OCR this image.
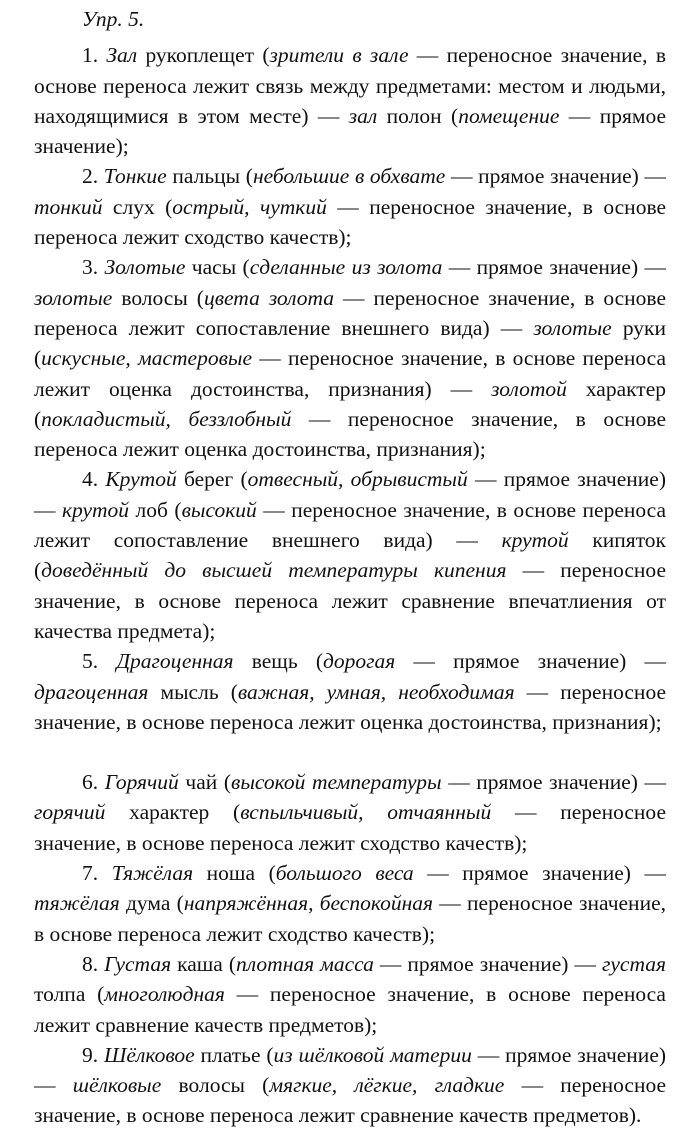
Упр. 5.

1. Зал рукоплещет (зрители в зале — переносное значение, в основе переноса лежит связь между предметами: местом и людьми, находящимися в этом месте) — зал полон (помещение — прямое значение);

2. Тонкие пальцы (небольшие в обхвате — прямое значение) — тонкий слух (острый, чуткий — переносное значение, в основе переноса лежит сходство качеств);

3. Золотые часы (сделанные из золота — прямое значение) — золотые волосы (цвета золота — переносное значение, в основе переноса лежит сопоставление внешнего вида) — золотые руки (искусные, мастеровые — переносное значение, в основе переноса лежит оценка достоинства, признания) — золотой характер (покладистый, беззлобный — переносное значение, в основе переноса лежит оценка достоинства, признания);

4. Крутой берег (отвесный, обрывистый — прямое значение) — крутой лоб (высокий — переносное значение, в основе переноса лежит сопоставление внешнего вида) — крутой кипяток (доведённый до высшей температуры кипения — переносное значение, в основе переноса лежит сравнение впечатлиения от качества предмета);

5. Драгоценная вещь (дорогая — прямое значение) — драгоценная мысль (важная, умная, необходимая — переносное значение, в основе переноса лежит оценка достоинства, признания);

6. Горячий чай (высокой температуры — прямое значение) — горячий характер (вспыльчивый, отчаянный — переносное значение, в основе переноса лежит сходство качеств);

7. Тяжёлая ноша (большого веса — прямое значение) — тяжёлая дума (напряжённая, беспокойная — переносное значение, в основе переноса лежит сходство качеств);

8. Густая каша (плотная масса — прямое значение) — густая толпа (многолюдная — переносное значение, в основе переноса лежит сравнение качеств предметов);

9. Шёлковое платье (из шёлковой материи — прямое значение) — шёлковые волосы (мягкие, лёгкие, гладкие — переносное значение, в основе переноса лежит сравнение качеств предметов).
